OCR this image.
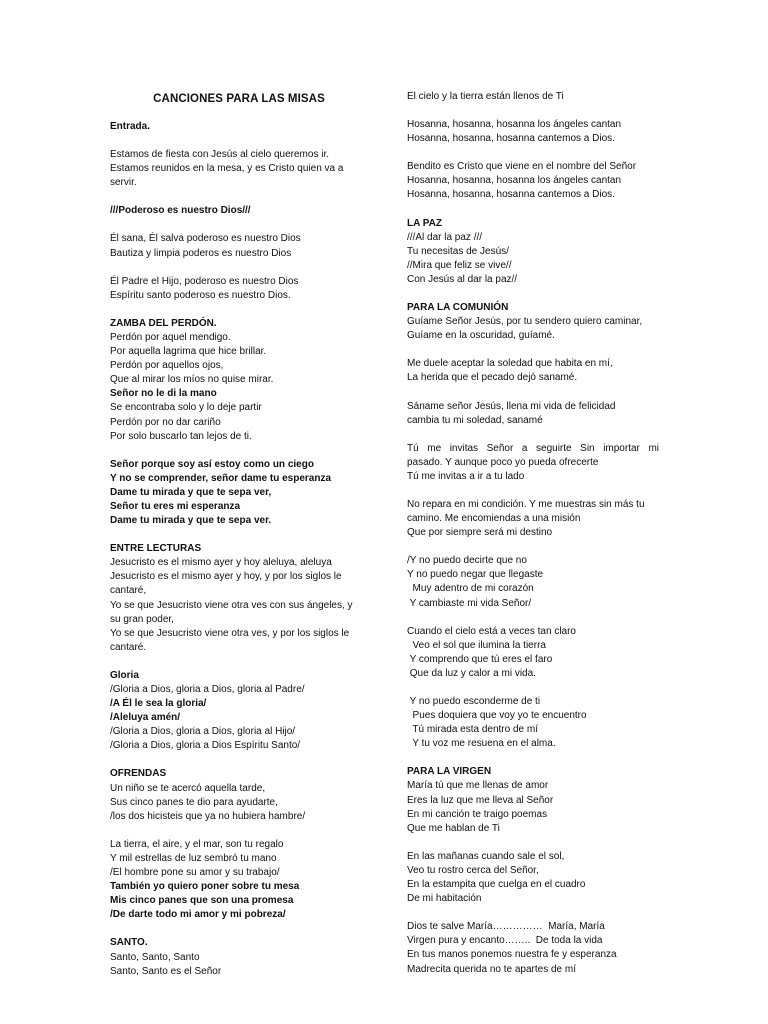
CANCIONES PARA LAS MISAS
Entrada.
Estamos de fiesta con Jesús al cielo queremos ir.
Estamos reunidos en la mesa, y es Cristo quien va a
servir.
///Poderoso es nuestro Dios///
Él sana, Él salva poderoso es nuestro Dios
Bautiza y limpia poderos es nuestro Dios
Él Padre el Hijo, poderoso es nuestro Dios
Espíritu santo poderoso es nuestro Dios.
ZAMBA DEL PERDÓN.
Perdón por aquel mendigo.
Por aquella lagrima que hice brillar.
Perdón por aquellos ojos,
Que al mirar los míos no quise mirar.
Señor no le di la mano
Se encontraba solo y lo deje partir
Perdón por no dar cariño
Por solo buscarlo tan lejos de ti.
Señor porque soy así estoy como un ciego
Y no se comprender, señor dame tu esperanza
Dame tu mirada y que te sepa ver,
Señor tu eres mi esperanza
Dame tu mirada y que te sepa ver.
ENTRE LECTURAS
Jesucristo es el mismo ayer y hoy aleluya, aleluya
Jesucristo es el mismo ayer y hoy, y por los siglos le
cantaré,
Yo se que Jesucristo viene otra ves con sus ángeles, y
su gran poder,
Yo se que Jesucristo viene otra ves, y por los siglos le
cantaré.
Gloria
/Gloria a Dios, gloria a Dios, gloria al Padre/
/A Él le sea la gloria/
/Aleluya amén/
/Gloria a Dios, gloria a Dios, gloria al Hijo/
/Gloria a Dios, gloria a Dios Espíritu Santo/
OFRENDAS
Un niño se te acercó aquella tarde,
Sus cinco panes te dio para ayudarte,
/los dos hicisteis que ya no hubiera hambre/
La tierra, el aire, y el mar, son tu regalo
Y mil estrellas de luz sembró tu mano
/El hombre pone su amor y su trabajo/
También yo quiero poner sobre tu mesa
Mis cinco panes que son una promesa
/De darte todo mi amor y mi pobreza/
SANTO.
Santo, Santo, Santo
Santo, Santo es el Señor
El cielo y la tierra están llenos de Ti
Hosanna, hosanna, hosanna los ángeles cantan
Hosanna, hosanna, hosanna cantemos a Dios.
Bendito es Cristo que viene en el nombre del Señor
Hosanna, hosanna, hosanna los ángeles cantan
Hosanna, hosanna, hosanna cantemos a Dios.
LA PAZ
///Al dar la paz ///
Tu necesitas de Jesús/
//Mira que feliz se vive//
Con Jesús al dar la paz//
PARA LA COMUNIÓN
Guíame Señor Jesús, por tu sendero quiero caminar,
Guíame en la oscuridad, guíamé.
Me duele aceptar la soledad que habita en mí,
La herida que el pecado dejó sanamé.
Sáname señor Jesús, llena mi vida de felicidad
cambia tu mi soledad, sanamé
Tú me invitas Señor a seguirte Sin importar mi
pasado. Y aunque poco yo pueda ofrecerte
Tú me invitas a ir a tu lado
No repara en mi condición. Y me muestras sin más tu
camino. Me encomiendas a una misión
Que por siempre será mi destino
/Y no puedo decirte que no
Y no puedo negar que llegaste
Muy adentro de mi corazón
Y cambiaste mi vida Señor/
Cuando el cielo está a veces tan claro
Veo el sol que ilumina la tierra
Y comprendo que tú eres el faro
Que da luz y calor a mi vida.
Y no puedo esconderme de ti
Pues doquiera que voy yo te encuentro
Tú mirada esta dentro de mí
Y tu voz me resuena en el alma.
PARA LA VIRGEN
María tú que me llenas de amor
Eres la luz que me lleva al Señor
En mi canción te traigo poemas
Que me hablan de Ti
En las mañanas cuando sale el sol,
Veo tu rostro cerca del Señor,
En la estampita que cuelga en el cuadro
De mi habitación
Dios te salve María……………  María, María
Virgen pura y encanto……..  De toda la vida
En tus manos ponemos nuestra fe y esperanza
Madrecita querida no te apartes de mí
